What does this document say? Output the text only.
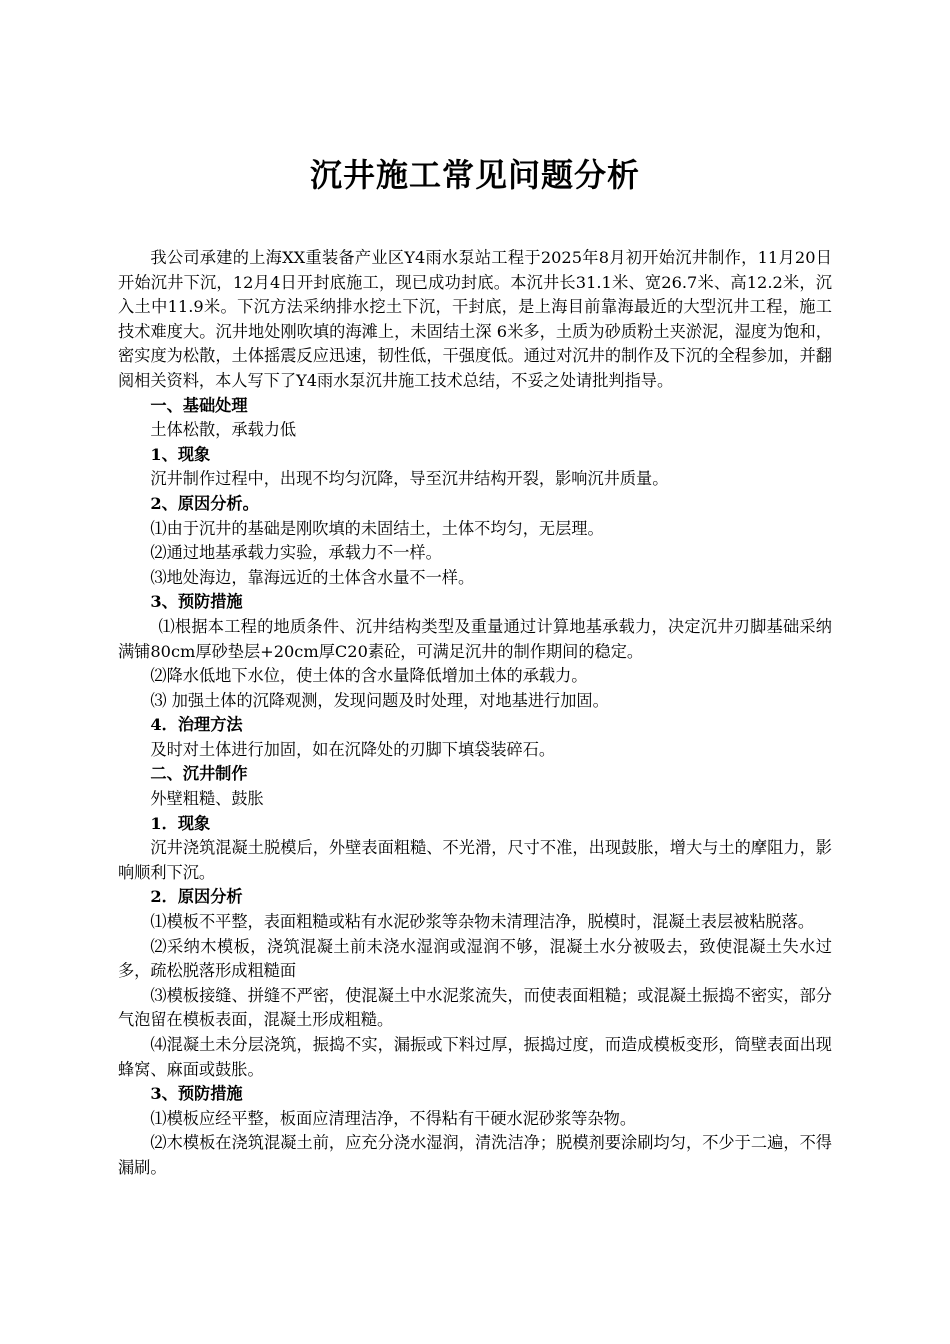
沉井施工常见问题分析

我公司承建的上海XX重装备产业区Y4雨水泵站工程于2025年8月初开始沉井制作，11月20日开始沉井下沉，12月4日开封底施工，现已成功封底。本沉井长31.1米、宽26.7米、高12.2米，沉入土中11.9米。下沉方法采纳排水挖土下沉，干封底，是上海目前靠海最近的大型沉井工程，施工技术难度大。沉井地处刚吹填的海滩上，未固结土深 6米多，土质为砂质粉土夹淤泥，湿度为饱和，密实度为松散，土体摇震反应迅速，韧性低，干强度低。通过对沉井的制作及下沉的全程参加，并翻阅相关资料，本人写下了Y4雨水泵沉井施工技术总结，不妥之处请批判指导。

一、基础处理

土体松散，承载力低

1、现象

沉井制作过程中，出现不均匀沉降，导至沉井结构开裂，影响沉井质量。

2、原因分析。

⑴由于沉井的基础是刚吹填的未固结土，土体不均匀，无层理。

⑵通过地基承载力实验，承载力不一样。

⑶地处海边，靠海远近的土体含水量不一样。

3、预防措施

⑴根据本工程的地质条件、沉井结构类型及重量通过计算地基承载力，决定沉井刃脚基础采纳满铺80cm厚砂垫层+20cm厚C20素砼，可满足沉井的制作期间的稳定。

⑵降水低地下水位，使土体的含水量降低增加土体的承载力。

⑶ 加强土体的沉降观测，发现问题及时处理，对地基进行加固。

4．治理方法

及时对土体进行加固，如在沉降处的刃脚下填袋装碎石。

二、沉井制作

外壁粗糙、鼓胀

1．现象

沉井浇筑混凝土脱模后，外壁表面粗糙、不光滑，尺寸不准，出现鼓胀，增大与土的摩阻力，影响顺利下沉。

2．原因分析

⑴模板不平整，表面粗糙或粘有水泥砂浆等杂物未清理洁净，脱模时，混凝土表层被粘脱落。

⑵采纳木模板，浇筑混凝土前未浇水湿润或湿润不够，混凝土水分被吸去，致使混凝土失水过多，疏松脱落形成粗糙面

⑶模板接缝、拼缝不严密，使混凝土中水泥浆流失，而使表面粗糙；或混凝土振捣不密实，部分气泡留在模板表面，混凝土形成粗糙。

⑷混凝土未分层浇筑，振捣不实，漏振或下料过厚，振捣过度，而造成模板变形，筒壁表面出现蜂窝、麻面或鼓胀。

3、预防措施

⑴模板应经平整，板面应清理洁净，不得粘有干硬水泥砂浆等杂物。

⑵木模板在浇筑混凝土前，应充分浇水湿润，清洗洁净；脱模剂要涂刷均匀，不少于二遍，不得漏刷。
